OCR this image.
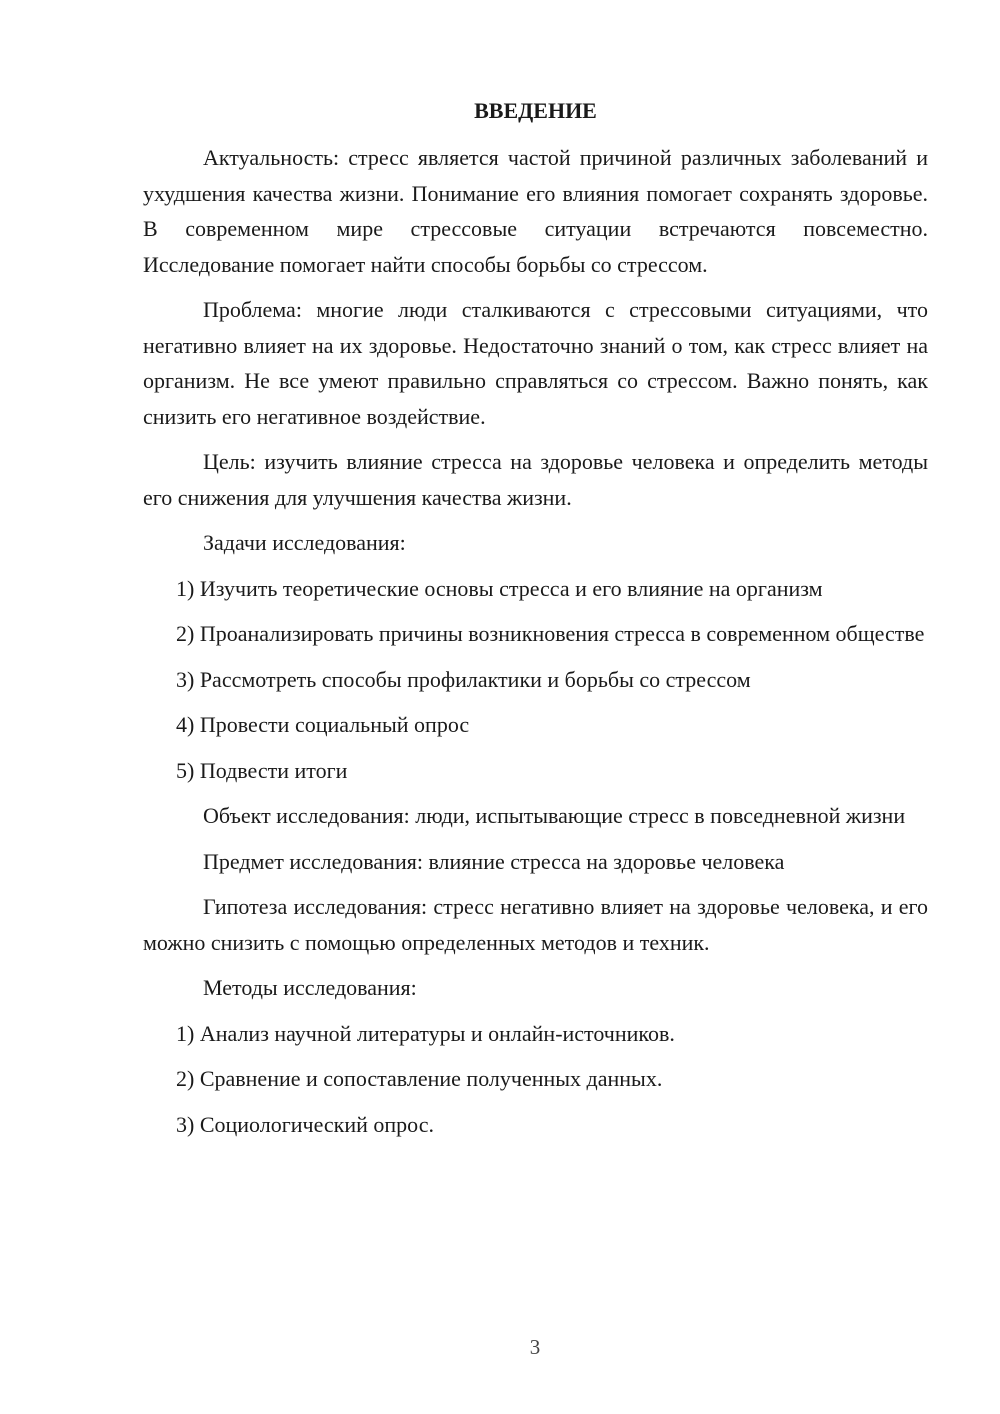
ВВЕДЕНИЕ

Актуальность: стресс является частой причиной различных заболеваний и ухудшения качества жизни. Понимание его влияния помогает сохранять здоровье. В современном мире стрессовые ситуации встречаются повсеместно. Исследование помогает найти способы борьбы со стрессом.

Проблема: многие люди сталкиваются с стрессовыми ситуациями, что негативно влияет на их здоровье. Недостаточно знаний о том, как стресс влияет на организм. Не все умеют правильно справляться со стрессом. Важно понять, как снизить его негативное воздействие.

Цель: изучить влияние стресса на здоровье человека и определить методы его снижения для улучшения качества жизни.

Задачи исследования:

1) Изучить теоретические основы стресса и его влияние на организм

2) Проанализировать причины возникновения стресса в современном обществе

3) Рассмотреть способы профилактики и борьбы со стрессом

4) Провести социальный опрос

5) Подвести итоги

Объект исследования: люди, испытывающие стресс в повседневной жизни

Предмет исследования: влияние стресса на здоровье человека

Гипотеза исследования: стресс негативно влияет на здоровье человека, и его можно снизить с помощью определенных методов и техник.

Методы исследования:

1) Анализ научной литературы и онлайн-источников.

2) Сравнение и сопоставление полученных данных.

3) Социологический опрос.

3
